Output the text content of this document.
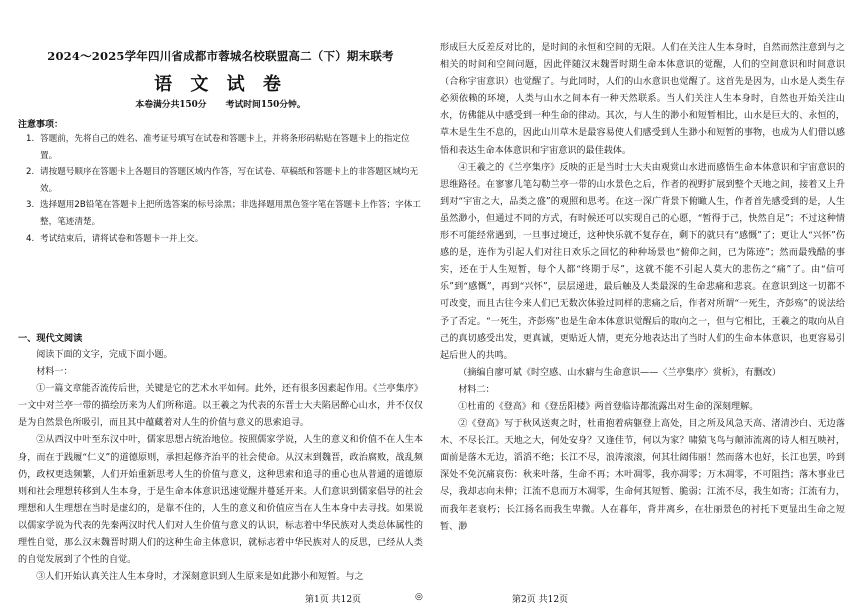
2024～2025学年四川省成都市蓉城名校联盟高二（下）期末联考
语 文 试 卷
本卷满分共150分 考试时间150分钟。
注意事项：
1. 答题前，先将自己的姓名、准考证号填写在试卷和答题卡上，并将条形码粘贴在答题卡上的指定位置。
2. 请按题号顺序在答题卡上各题目的答题区域内作答，写在试卷、草稿纸和答题卡上的非答题区域均无效。
3. 选择题用2B铅笔在答题卡上把所选答案的标号涂黑；非选择题用黑色签字笔在答题卡上作答；字体工整，笔迹清楚。
4. 考试结束后，请将试卷和答题卡一并上交。
一、现代文阅读

阅读下面的文字，完成下面小题。

材料一：

①一篇文章能否流传后世，关键是它的艺术水平如何。此外，还有很多因素起作用。《兰亭集序》一文中对兰亭一带的描绘历来为人们所称道。以王羲之为代表的东晋士大夫陷居醉心山水，并不仅仅是为自然景色所吸引，而且其中蕴藏着对人生的价值与意义的思索追寻。

②从西汉中叶至东汉中叶，儒家思想占统治地位。按照儒家学说，人生的意义和价值不在人生本身，而在于践履“仁义”的道德原则，承担起修齐治平的社会使命。从汉末到魏晋，政治腐败，战乱频仍，政权更迭频繁，人们开始重新思考人生的价值与意义，这种思索和追寻的重心也从普通的道德原则和社会理想转移到人生本身，于是生命本体意识迅速觉醒并蔓延开来。人们意识到儒家倡导的社会理想和人生理想在当时是虚幻的，是靠不住的，人生的意义和价值应当在人生本身中去寻找。如果说以儒家学说为代表的先秦两汉时代人们对人生价值与意义的认识，标志着中华民族对人类总体属性的理性自觉，那么汉末魏晋时期人们的这种生命主体意识，就标志着中华民族对人的反思，已经从人类的自觉发展到了个性的自觉。

③人们开始认真关注人生本身时，才深刻意识到人生原来是如此渺小和短暂。与之

形成巨大反差反对比的，是时间的永恒和空间的无限。人们在关注人生本身时，自然而然注意到与之相关的时间和空间问题，因此伴随汉末魏晋时期生命本体意识的觉醒，人们的空间意识和时间意识（合称宇宙意识）也觉醒了。与此同时，人们的山水意识也觉醒了。这首先是因为，山水是人类生存必须依赖的环境，人类与山水之间本有一种天然联系。当人们关注人生本身时，自然也开始关注山水，仿佛能从中感受到一种生命的律动。其次，与人生的渺小和短暂相比，山水是巨大的、永恒的，草木是生生不息的，因此山川草木是最容易使人们感受到人生渺小和短暂的事物，也成为人们借以感悟和表达生命本体意识和宇宙意识的最佳载体。

④王羲之的《兰亭集序》反映的正是当时士大夫由观赏山水进而感悟生命本体意识和宇宙意识的思维路径。在寥寥几笔勾勒兰亭一带的山水景色之后，作者的视野扩展到整个天地之间，接着又上升到对“宇宙之大，品类之盛”的观照和思考。在这一深广背景下俯瞰人生，作者首先感受到的是，人生虽然渺小，但通过不同的方式，有时候还可以实现自己的心愿，“暂得于己，快然自足”；不过这种情形不可能经常遇到，一旦事过境迁，这种快乐就不复存在，剩下的就只有“感慨”了；更让人“兴怀”伤感的是，连作为引起人们对往日欢乐之回忆的种种场景也“俯仰之间，已为陈迹”；然而最残酷的事实，还在于人生短暂，每个人都“终期于尽”，这就不能不引起人莫大的悲伤之“痛”了。由“信可乐”到“感慨”，再到“兴怀”，层层递进，最后触及人类最深的生命悲痛和悲哀。在意识到这一切都不可改变，而且古往今来人们已无数次体验过同样的悲痛之后，作者对所谓“一死生，齐彭殇”的说法给予了否定。“一死生，齐彭殇”也是生命本体意识觉醒后的取向之一，但与它相比，王羲之的取向从自己的真切感受出发，更真诚，更贴近人情，更充分地表达出了当时人们的生命本体意识，也更容易引起后世人的共鸣。

（摘编自廖可斌《时空感、山水癖与生命意识——〈兰亭集序〉赏析》，有删改）

材料二：

①杜甫的《登高》和《登岳阳楼》两首登临诗都流露出对生命的深刻理解。

②《登高》写于秋风送爽之时，杜甫抱着病躯登上高处，目之所及风急天高、渚清沙白、无边落木、不尽长江。天地之大，何处安身？又逢佳节，何以为家？啸猿飞鸟与颠沛流离的诗人相互映衬，面前是落木无边，滔滔不绝；长江不尽，浪涛滚滚，何其壮阔伟丽！然而落木也好，长江也罢，吟到深处不免沉痛哀伤：秋来叶落，生命不再；木叶凋零，我亦凋零；万木凋零，不可阻挡；落木事业已尽，我却志向未伸；江流不息而万木凋零，生命何其短暂、脆弱；江流不尽，我生如寄；江流有力，而我年老衰朽；长江扬名而我生卑微。人在暮年，背井离乡，在壮丽景色的衬托下更显出生命之短暂、渺

第1页 共12页	◎	第2页 共12页
